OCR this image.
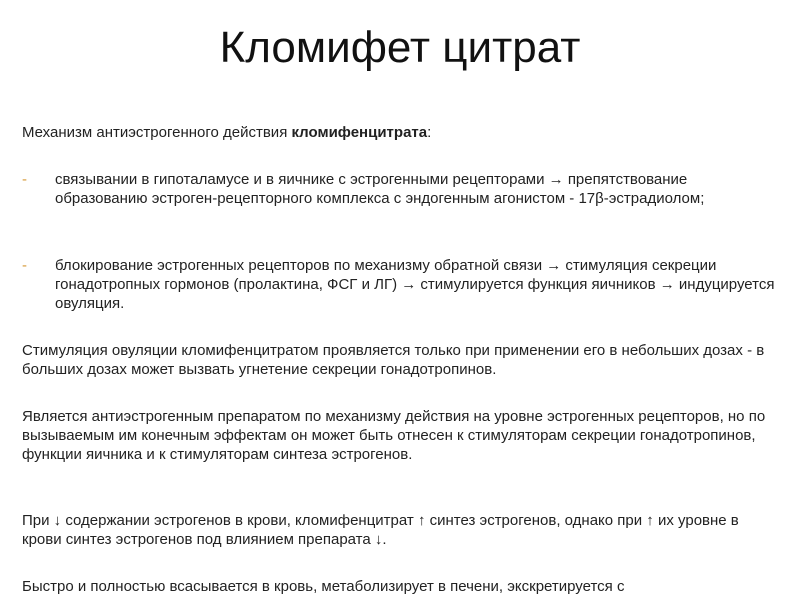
Кломифет цитрат
Механизм антиэстрогенного действия кломифенцитрата:
-	связывании в гипоталамусе и в яичнике с эстрогенными рецепторами → препятствование образованию эстроген-рецепторного комплекса с эндогенным агонистом - 17β-эстрадиолом;
-	блокирование эстрогенных рецепторов по механизму обратной связи → стимуляция секреции гонадотропных гормонов (пролактина, ФСГ и ЛГ) → стимулируется функция яичников → индуцируется овуляция.
Стимуляция овуляции кломифенцитратом проявляется только при применении его в небольших дозах - в больших дозах может вызвать угнетение секреции гонадотропинов.
Является антиэстрогенным препаратом по механизму действия на уровне эстрогенных рецепторов, но по вызываемым им конечным эффектам он может быть отнесен к стимуляторам секреции гонадотропинов, функции яичника и к стимуляторам синтеза эстрогенов.
При ↓ содержании эстрогенов в крови, кломифенцитрат ↑ синтез эстрогенов, однако при ↑ их уровне в крови синтез эстрогенов под влиянием препарата ↓.
Быстро и полностью всасывается в кровь, метаболизирует в печени, экскретируется с
